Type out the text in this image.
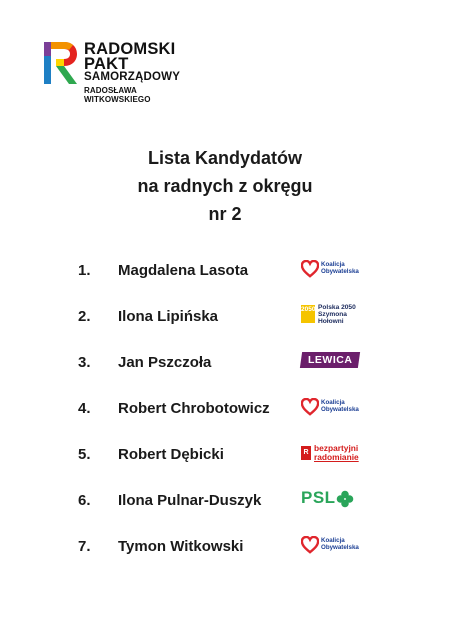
RADOMSKI
PAKT
SAMORZĄDOWY
RADOSŁAWA
WITKOWSKIEGO
Lista Kandydatów
na radnych z okręgu
nr 2
1. Magdalena Lasota	Koalicja
Obywatelska
2. Ilona Lipińska	2050 Polska 2050
Szymona
Hołowni
3. Jan Pszczoła	LEWICA
4. Robert Chrobotowicz	Koalicja
Obywatelska
5. Robert Dębicki	R bezpartyjni
radomianie
6. Ilona Pulnar-Duszyk PSL
7. Tymon Witkowski	Koalicja
Obywatelska
